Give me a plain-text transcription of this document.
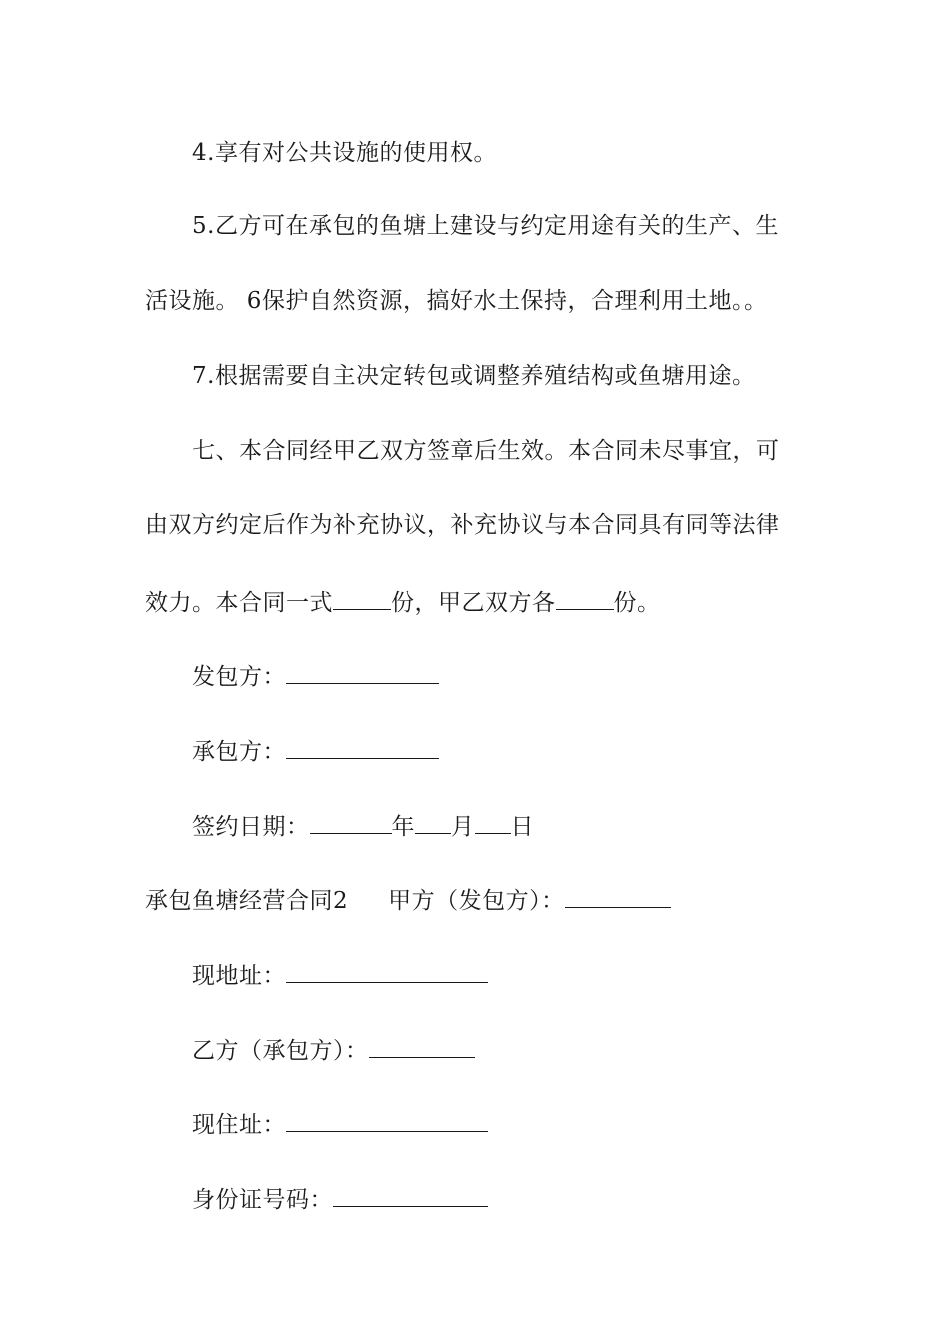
4.享有对公共设施的使用权。
5.乙方可在承包的鱼塘上建设与约定用途有关的生产、生
活设施。 6保护自然资源，搞好水土保持，合理利用土地。。
7.根据需要自主决定转包或调整养殖结构或鱼塘用途。
七、本合同经甲乙双方签章后生效。本合同未尽事宜，可
由双方约定后作为补充协议，补充协议与本合同具有同等法律
效力。本合同一式	份，甲乙双方各	份。
发包方：
承包方：
签约日期：	年 月 日
承包鱼塘经营合同2 甲方（发包方）：
现地址：
乙方（承包方）：
现住址：
身份证号码：
